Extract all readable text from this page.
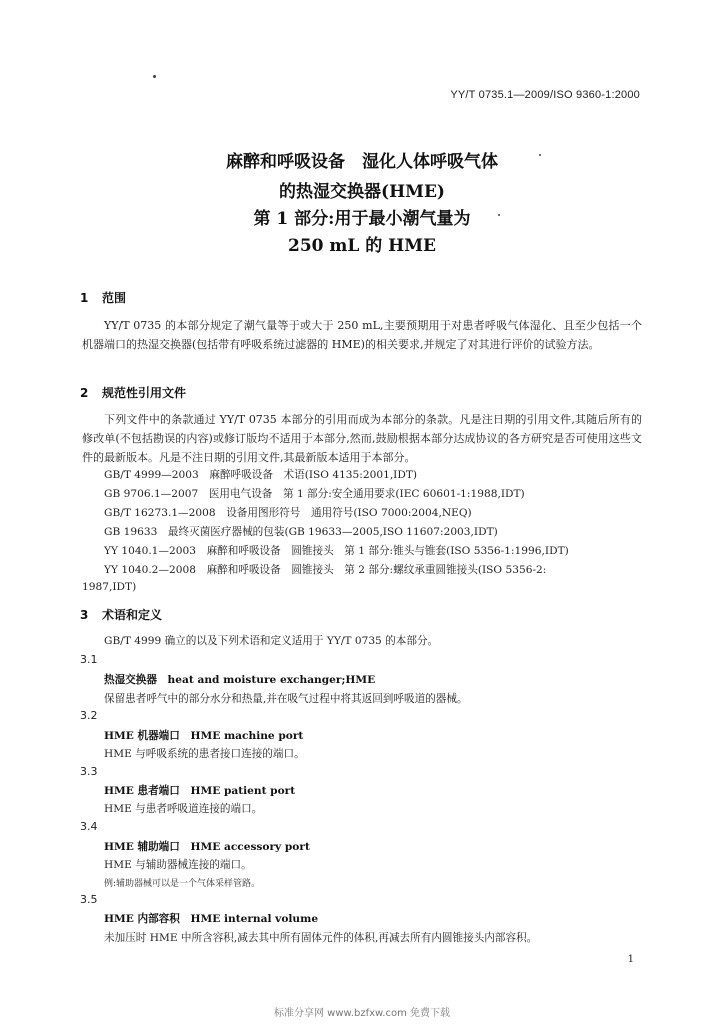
YY/T 0735.1—2009/ISO 9360-1:2000
麻醉和呼吸设备　湿化人体呼吸气体
的热湿交换器(HME)
第 1 部分:用于最小潮气量为
250 mL 的 HME
1 范围

YY/T 0735 的本部分规定了潮气量等于或大于 250 mL,主要预期用于对患者呼吸气体湿化、且至少包括一个机器端口的热湿交换器(包括带有呼吸系统过滤器的 HME)的相关要求,并规定了对其进行评价的试验方法。

2 规范性引用文件

下列文件中的条款通过 YY/T 0735 本部分的引用而成为本部分的条款。凡是注日期的引用文件,其随后所有的修改单(不包括勘误的内容)或修订版均不适用于本部分,然而,鼓励根据本部分达成协议的各方研究是否可使用这些文件的最新版本。凡是不注日期的引用文件,其最新版本适用于本部分。

GB/T 4999—2003　麻醉呼吸设备　术语(ISO 4135:2001,IDT)
GB 9706.1—2007　医用电气设备　第 1 部分:安全通用要求(IEC 60601-1:1988,IDT)
GB/T 16273.1—2008　设备用图形符号　通用符号(ISO 7000:2004,NEQ)
GB 19633　最终灭菌医疗器械的包装(GB 19633—2005,ISO 11607:2003,IDT)
YY 1040.1—2003　麻醉和呼吸设备　圆锥接头　第 1 部分:锥头与锥套(ISO 5356-1:1996,IDT)
YY 1040.2—2008　麻醉和呼吸设备　圆锥接头　第 2 部分:螺纹承重圆锥接头(ISO 5356-2:
1987,IDT)
3 术语和定义
GB/T 4999 确立的以及下列术语和定义适用于 YY/T 0735 的本部分。
3.1
热湿交换器　heat and moisture exchanger;HME
保留患者呼气中的部分水分和热量,并在吸气过程中将其返回到呼吸道的器械。
3.2
HME 机器端口　HME machine port
HME 与呼吸系统的患者接口连接的端口。
3.3
HME 患者端口　HME patient port
HME 与患者呼吸道连接的端口。
3.4
HME 辅助端口　HME accessory port
HME 与辅助器械连接的端口。
例:辅助器械可以是一个气体采样管路。
3.5
HME 内部容积　HME internal volume
未加压时 HME 中所含容积,减去其中所有固体元件的体积,再减去所有内圆锥接头内部容积。
1
标准分享网 www.bzfxw.com 免费下载
